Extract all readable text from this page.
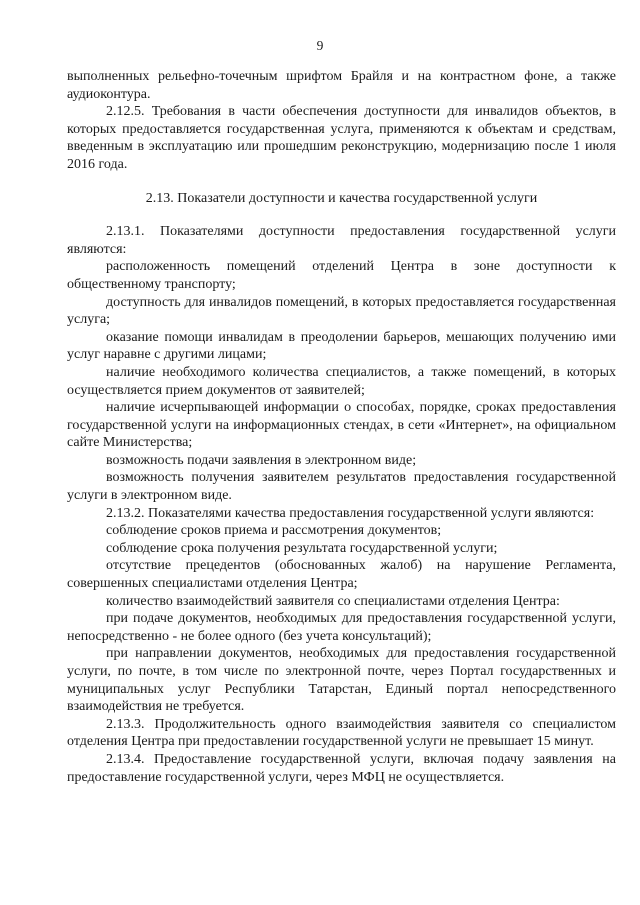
9

выполненных рельефно-точечным шрифтом Брайля и на контрастном фоне, а также аудиоконтура.

2.12.5. Требования в части обеспечения доступности для инвалидов объектов, в которых предоставляется государственная услуга, применяются к объектам и средствам, введенным в эксплуатацию или прошедшим реконструкцию, модернизацию после 1 июля 2016 года.

2.13. Показатели доступности и качества государственной услуги

2.13.1. Показателями доступности предоставления государственной услуги являются:

расположенность помещений отделений Центра в зоне доступности к общественному транспорту;

доступность для инвалидов помещений, в которых предоставляется государственная услуга;

оказание помощи инвалидам в преодолении барьеров, мешающих получению ими услуг наравне с другими лицами;

наличие необходимого количества специалистов, а также помещений, в которых осуществляется прием документов от заявителей;

наличие исчерпывающей информации о способах, порядке, сроках предоставления государственной услуги на информационных стендах, в сети «Интернет», на официальном сайте Министерства;

возможность подачи заявления в электронном виде;

возможность получения заявителем результатов предоставления государственной услуги в электронном виде.

2.13.2. Показателями качества предоставления государственной услуги являются:

соблюдение сроков приема и рассмотрения документов;

соблюдение срока получения результата государственной услуги;

отсутствие прецедентов (обоснованных жалоб) на нарушение Регламента, совершенных специалистами отделения Центра;

количество взаимодействий заявителя со специалистами отделения Центра:

при подаче документов, необходимых для предоставления государственной услуги, непосредственно - не более одного (без учета консультаций);

при направлении документов, необходимых для предоставления государственной услуги, по почте, в том числе по электронной почте, через Портал государственных и муниципальных услуг Республики Татарстан, Единый портал непосредственного взаимодействия не требуется.

2.13.3. Продолжительность одного взаимодействия заявителя со специалистом отделения Центра при предоставлении государственной услуги не превышает 15 минут.

2.13.4. Предоставление государственной услуги, включая подачу заявления на предоставление государственной услуги, через МФЦ не осуществляется.
